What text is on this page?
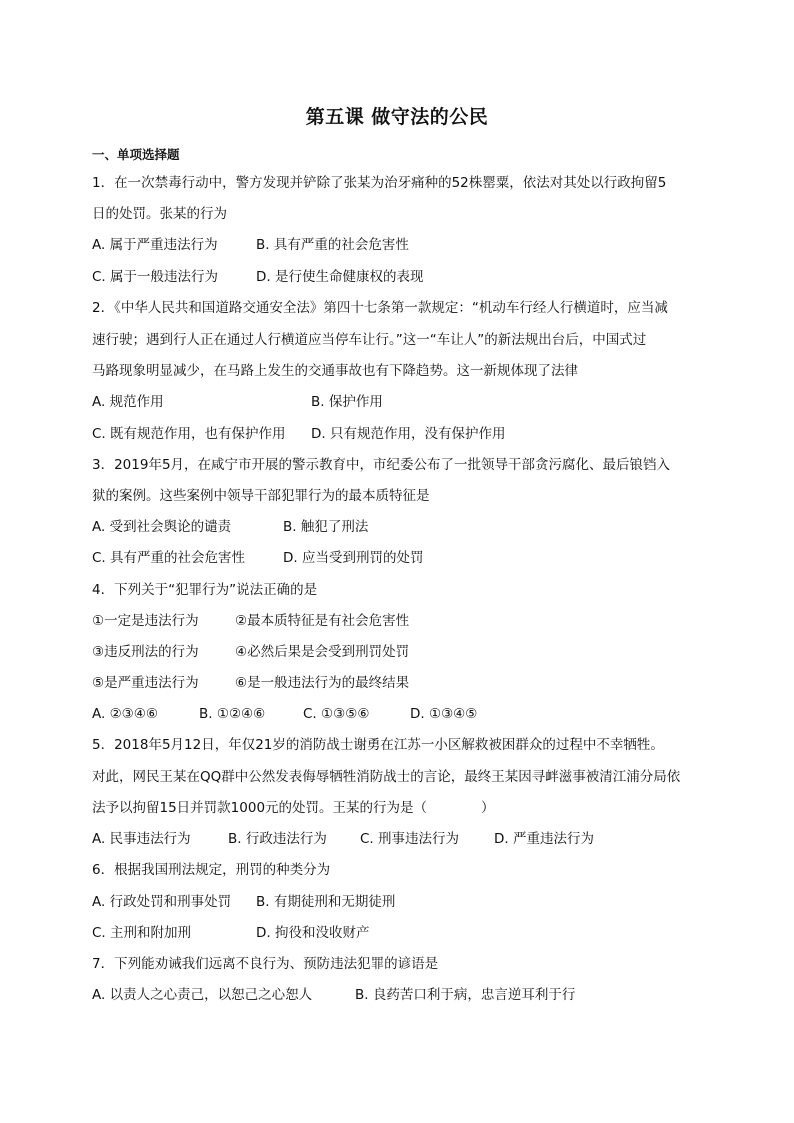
第五课 做守法的公民
一、单项选择题
1．在一次禁毒行动中，警方发现并铲除了张某为治牙痛种的52株罂粟，依法对其处以行政拘留5
日的处罚。张某的行为
A. 属于严重违法行为	B. 具有严重的社会危害性
C. 属于一般违法行为	D. 是行使生命健康权的表现
2．《中华人民共和国道路交通安全法》第四十七条第一款规定：“机动车行经人行横道时，应当减
速行驶；遇到行人正在通过人行横道应当停车让行。”这一“车让人”的新法规出台后，中国式过
马路现象明显减少，在马路上发生的交通事故也有下降趋势。这一新规体现了法律
A. 规范作用	B. 保护作用
C. 既有规范作用，也有保护作用 D. 只有规范作用，没有保护作用
3．2019年5月，在咸宁市开展的警示教育中，市纪委公布了一批领导干部贪污腐化、最后锒铛入
狱的案例。这些案例中领导干部犯罪行为的最本质特征是
A. 受到社会舆论的谴责	B. 触犯了刑法
C. 具有严重的社会危害性	D. 应当受到刑罚的处罚
4．下列关于“犯罪行为”说法正确的是
①一定是违法行为	②最本质特征是有社会危害性
③违反刑法的行为	④必然后果是会受到刑罚处罚
⑤是严重违法行为	⑥是一般违法行为的最终结果
A. ②③④⑥	B. ①②④⑥	C. ①③⑤⑥	D. ①③④⑤
5．2018年5月12日，年仅21岁的消防战士谢勇在江苏一小区解救被困群众的过程中不幸牺牲。
对此，网民王某在QQ群中公然发表侮辱牺牲消防战士的言论，最终王某因寻衅滋事被清江浦分局依
法予以拘留15日并罚款1000元的处罚。王某的行为是（　　　　）
A. 民事违法行为	B. 行政违法行为 C. 刑事违法行为	D. 严重违法行为
6．根据我国刑法规定，刑罚的种类分为
A. 行政处罚和刑事处罚 B. 有期徒刑和无期徒刑
C. 主刑和附加刑	D. 拘役和没收财产
7．下列能劝诫我们远离不良行为、预防违法犯罪的谚语是
A. 以责人之心责己，以恕己之心恕人	B. 良药苦口利于病，忠言逆耳利于行
